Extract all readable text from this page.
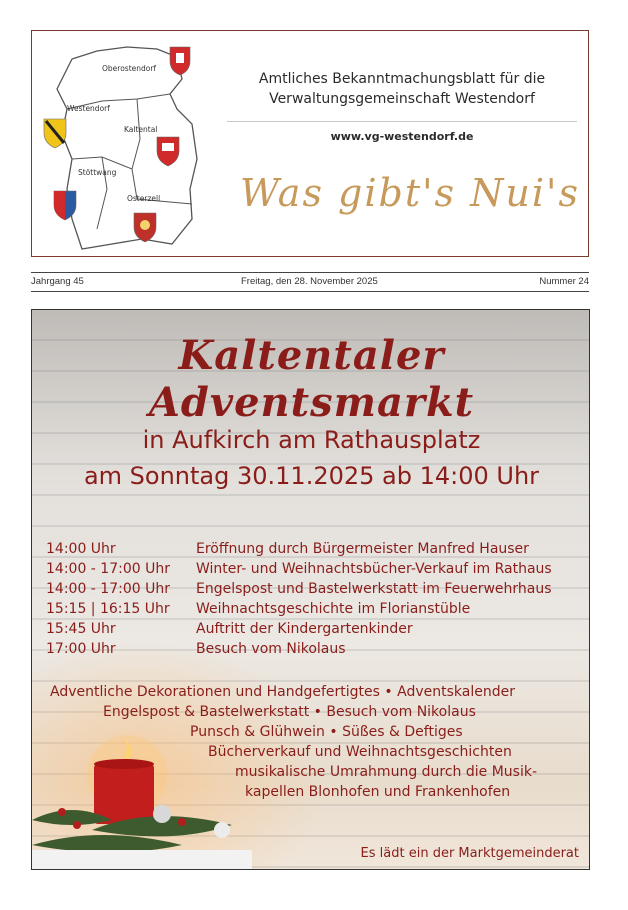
Oberostendorf
Westendorf
Kaltental
Stöttwang
Osterzell
Amtliches Bekanntmachungsblatt für die
Verwaltungsgemeinschaft Westendorf
www.vg-westendorf.de
Was gibt's Nui's
Jahrgang 45	Freitag, den 28. November 2025	Nummer 24
Kaltentaler Adventsmarkt
in Aufkirch am Rathausplatz
am Sonntag 30.11.2025 ab 14:00 Uhr
14:00 Uhr	Eröffnung durch Bürgermeister Manfred Hauser
14:00 - 17:00 Uhr Winter- und Weihnachtsbücher-Verkauf im Rathaus
14:00 - 17:00 Uhr Engelspost und Bastelwerkstatt im Feuerwehrhaus
15:15 | 16:15 Uhr Weihnachtsgeschichte im Florianstüble
15:45 Uhr	Auftritt der Kindergartenkinder
17:00 Uhr	Besuch vom Nikolaus
Adventliche Dekorationen und Handgefertigtes • Adventskalender
Engelspost & Bastelwerkstatt • Besuch vom Nikolaus
Punsch & Glühwein • Süßes & Deftiges
Bücherverkauf und Weihnachtsgeschichten
musikalische Umrahmung durch die Musik-
kapellen Blonhofen und Frankenhofen
Es lädt ein der Marktgemeinderat
